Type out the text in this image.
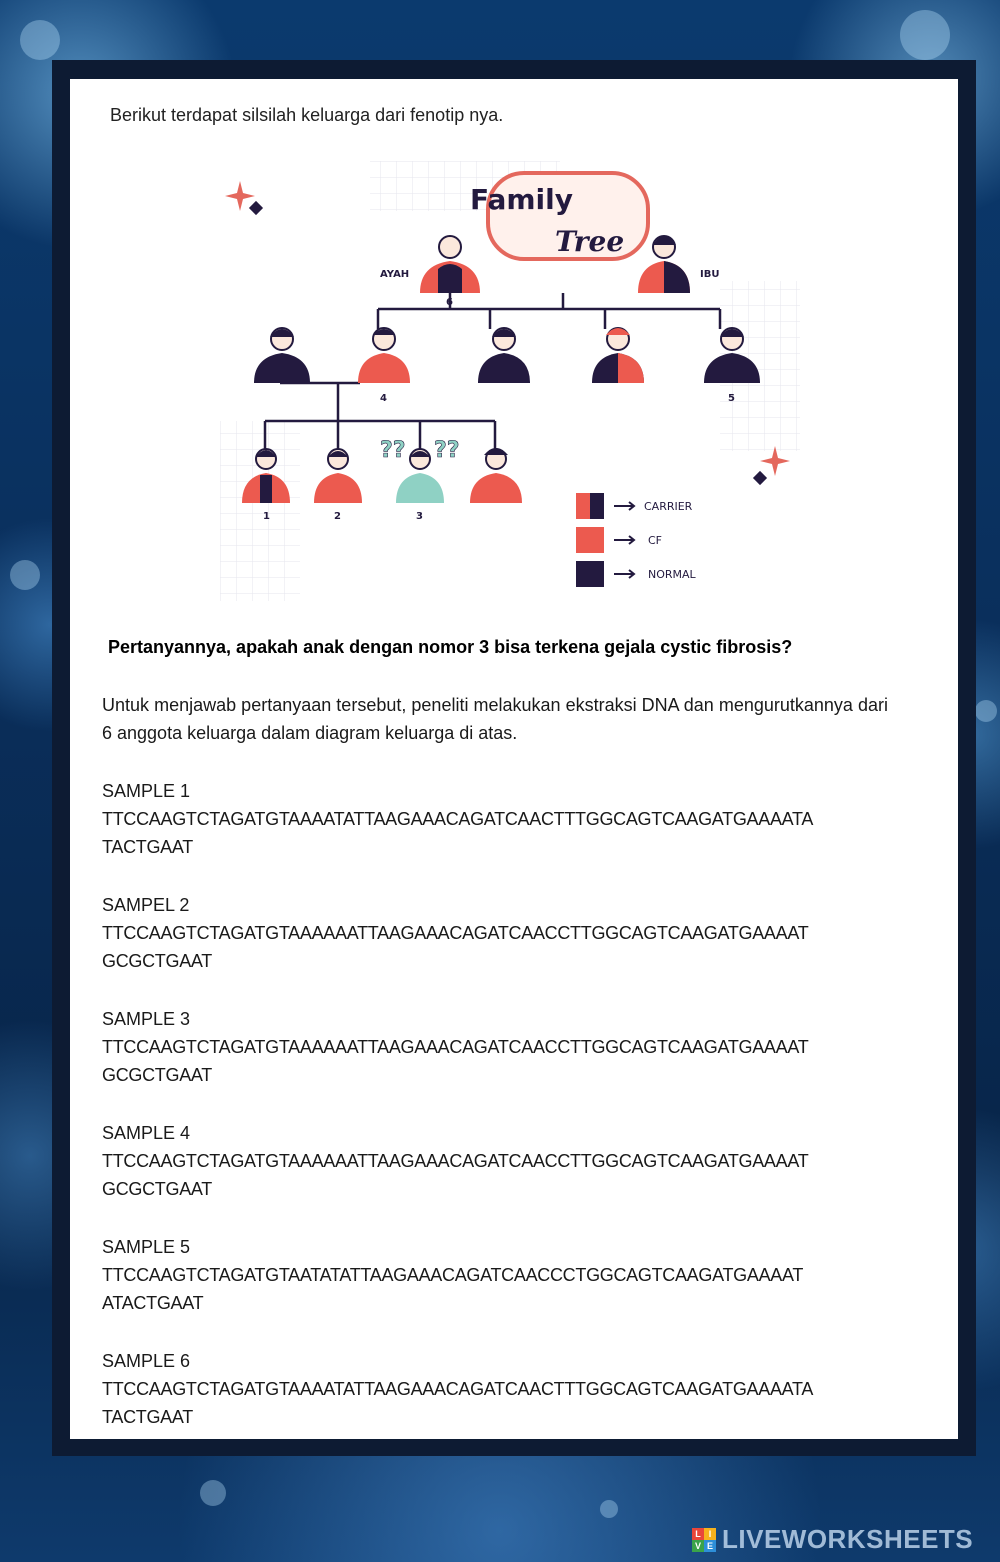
Berikut terdapat silsilah keluarga dari fenotip nya.

Family
Tree
AYAH	IBU
6
4	5
1	2
?? ??
3
CARRIER
CF
NORMAL

Pertanyannya, apakah anak dengan nomor 3 bisa terkena gejala cystic fibrosis?

Untuk menjawab pertanyaan tersebut, peneliti melakukan ekstraksi DNA dan mengurutkannya dari 6 anggota keluarga dalam diagram keluarga di atas.

SAMPLE 1
TTCCAAGTCTAGATGTAAAATATTAAGAAACAGATCAACTTTGGCAGTCAAGATGAAAATA
TACTGAAT
SAMPEL 2
TTCCAAGTCTAGATGTAAAAAATTAAGAAACAGATCAACCTTGGCAGTCAAGATGAAAAT
GCGCTGAAT
SAMPLE 3
TTCCAAGTCTAGATGTAAAAAATTAAGAAACAGATCAACCTTGGCAGTCAAGATGAAAAT
GCGCTGAAT
SAMPLE 4
TTCCAAGTCTAGATGTAAAAAATTAAGAAACAGATCAACCTTGGCAGTCAAGATGAAAAT
GCGCTGAAT
SAMPLE 5
TTCCAAGTCTAGATGTAATATATTAAGAAACAGATCAACCCTGGCAGTCAAGATGAAAAT
ATACTGAAT
SAMPLE 6
TTCCAAGTCTAGATGTAAAATATTAAGAAACAGATCAACTTTGGCAGTCAAGATGAAAATA
TACTGAAT
L I
V E LIVEWORKSHEETS
